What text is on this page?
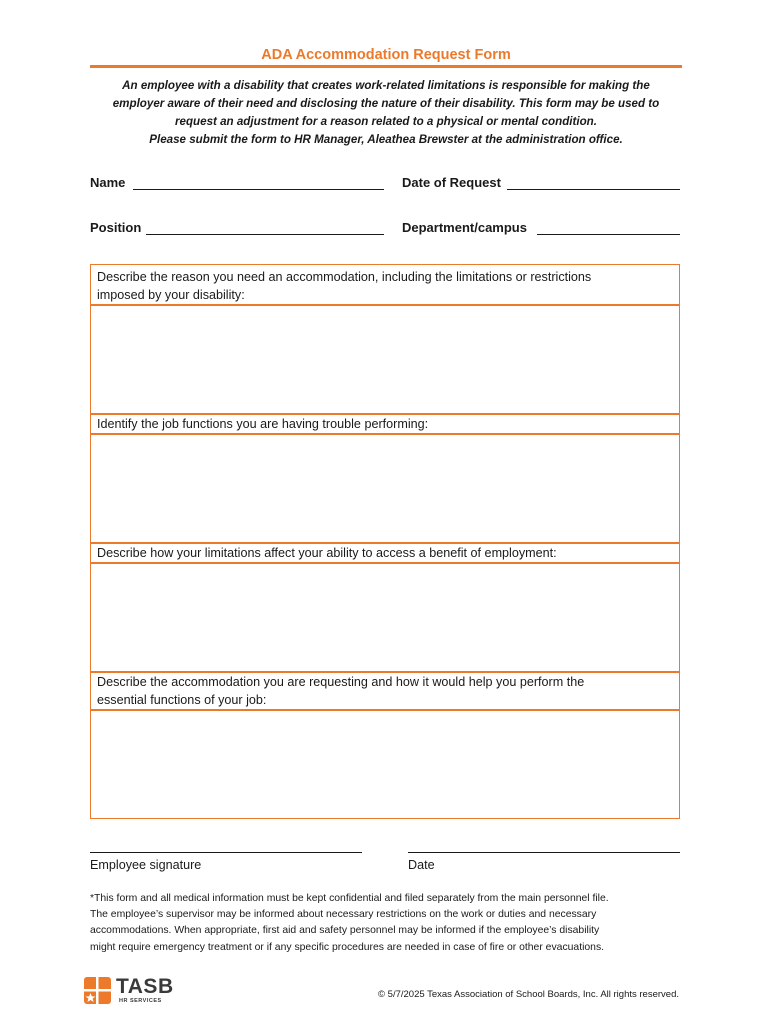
ADA Accommodation Request Form
An employee with a disability that creates work-related limitations is responsible for making the
employer aware of their need and disclosing the nature of their disability. This form may be used to
request an adjustment for a reason related to a physical or mental condition.
Please submit the form to HR Manager, Aleathea Brewster at the administration office.
Name	Date of Request
Position	Department/campus
Describe the reason you need an accommodation, including the limitations or restrictions
imposed by your disability:
Identify the job functions you are having trouble performing:
Describe how your limitations affect your ability to access a benefit of employment:
Describe the accommodation you are requesting and how it would help you perform the
essential functions of your job:
Employee signature	Date
*This form and all medical information must be kept confidential and filed separately from the main personnel file.
The employee’s supervisor may be informed about necessary restrictions on the work or duties and necessary
accommodations. When appropriate, first aid and safety personnel may be informed if the employee’s disability
might require emergency treatment or if any specific procedures are needed in case of fire or other evacuations.
TASB
HR SERVICES
© 5/7/2025 Texas Association of School Boards, Inc. All rights reserved.
